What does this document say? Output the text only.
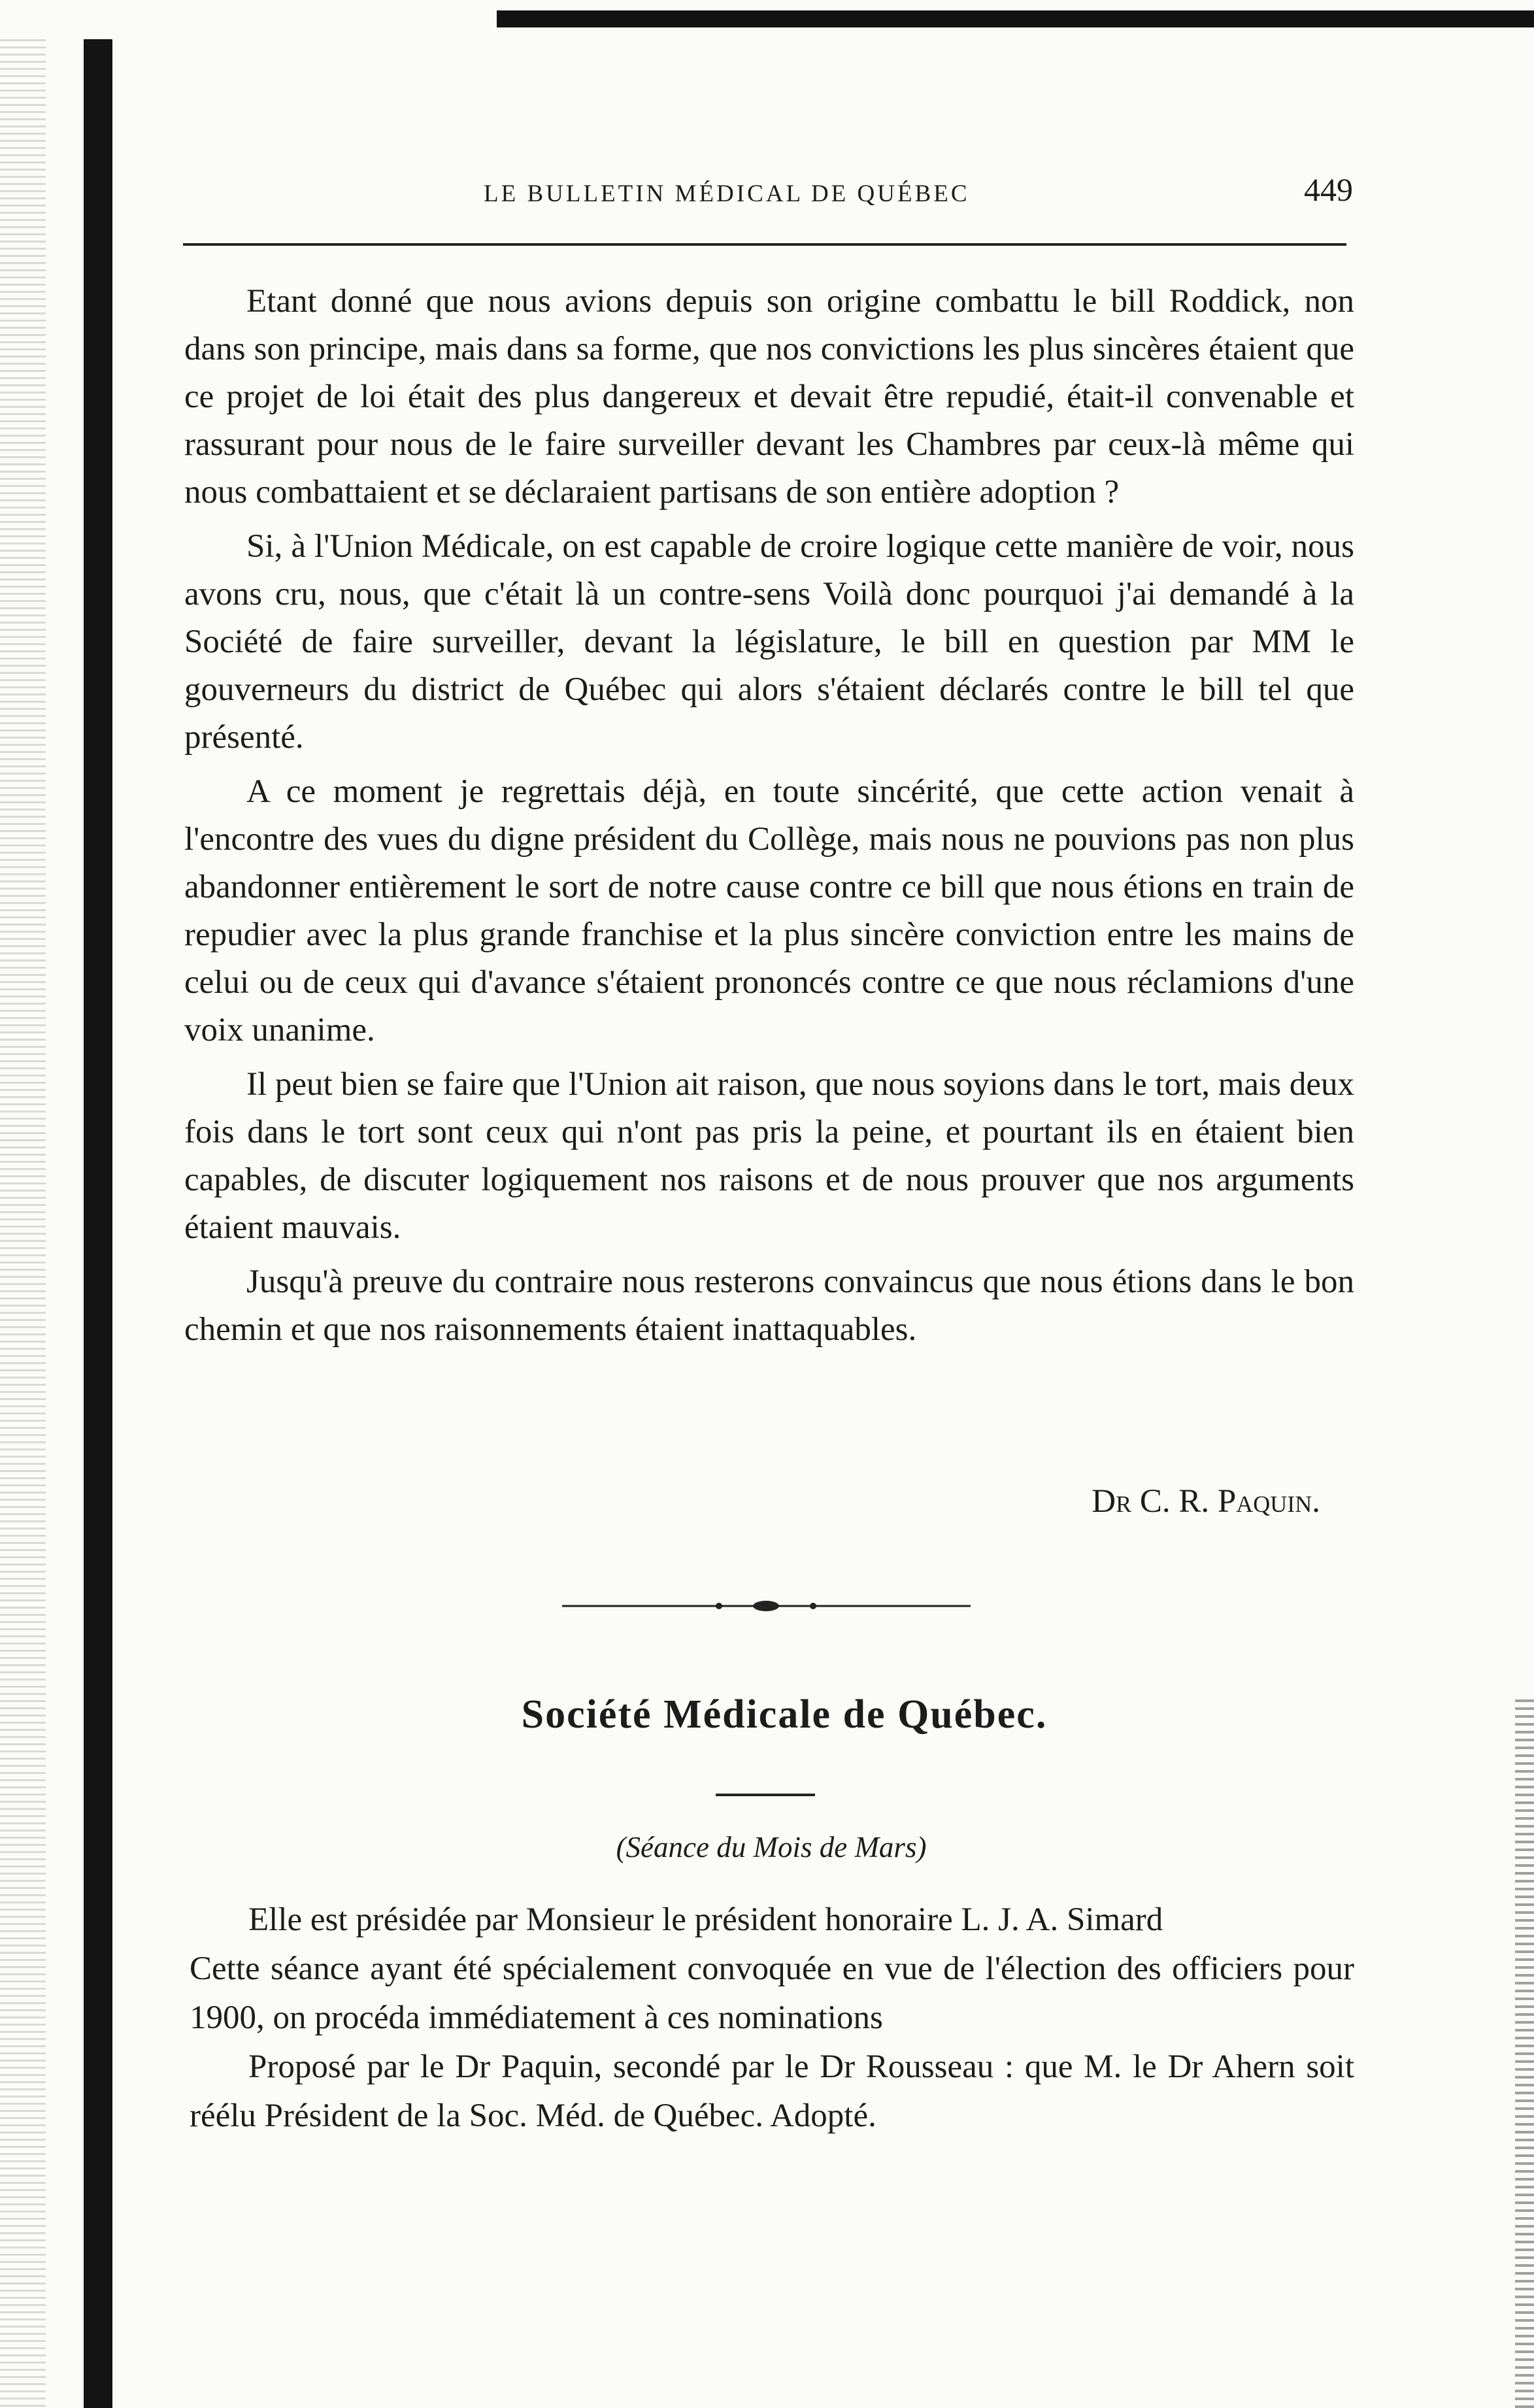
LE BULLETIN MÉDICAL DE QUÉBEC	449

Etant donné que nous avions depuis son origine combattu le bill Roddick, non dans son principe, mais dans sa forme, que nos convictions les plus sincères étaient que ce projet de loi était des plus dangereux et devait être repudié, était-il convenable et rassurant pour nous de le faire surveiller devant les Chambres par ceux-là même qui nous combattaient et se déclaraient partisans de son entière adoption ?

Si, à l'Union Médicale, on est capable de croire logique cette manière de voir, nous avons cru, nous, que c'était là un contre-sens Voilà donc pourquoi j'ai demandé à la Société de faire surveiller, devant la législature, le bill en question par MM le gouverneurs du district de Québec qui alors s'étaient déclarés contre le bill tel que présenté.

A ce moment je regrettais déjà, en toute sincérité, que cette action venait à l'encontre des vues du digne président du Collège, mais nous ne pouvions pas non plus abandonner entièrement le sort de notre cause contre ce bill que nous étions en train de repudier avec la plus grande franchise et la plus sincère conviction entre les mains de celui ou de ceux qui d'avance s'étaient prononcés contre ce que nous réclamions d'une voix unanime.

Il peut bien se faire que l'Union ait raison, que nous soyions dans le tort, mais deux fois dans le tort sont ceux qui n'ont pas pris la peine, et pourtant ils en étaient bien capables, de discuter logiquement nos raisons et de nous prouver que nos arguments étaient mauvais.

Jusqu'à preuve du contraire nous resterons convaincus que nous étions dans le bon chemin et que nos raisonnements étaient inattaquables.

Dr C. R. Paquin.
Société Médicale de Québec.
(Séance du Mois de Mars)

Elle est présidée par Monsieur le président honoraire L. J. A. Simard

Cette séance ayant été spécialement convoquée en vue de l'élection des officiers pour 1900, on procéda immédiatement à ces nominations

Proposé par le Dr Paquin, secondé par le Dr Rousseau : que M. le Dr Ahern soit réélu Président de la Soc. Méd. de Québec. Adopté.
